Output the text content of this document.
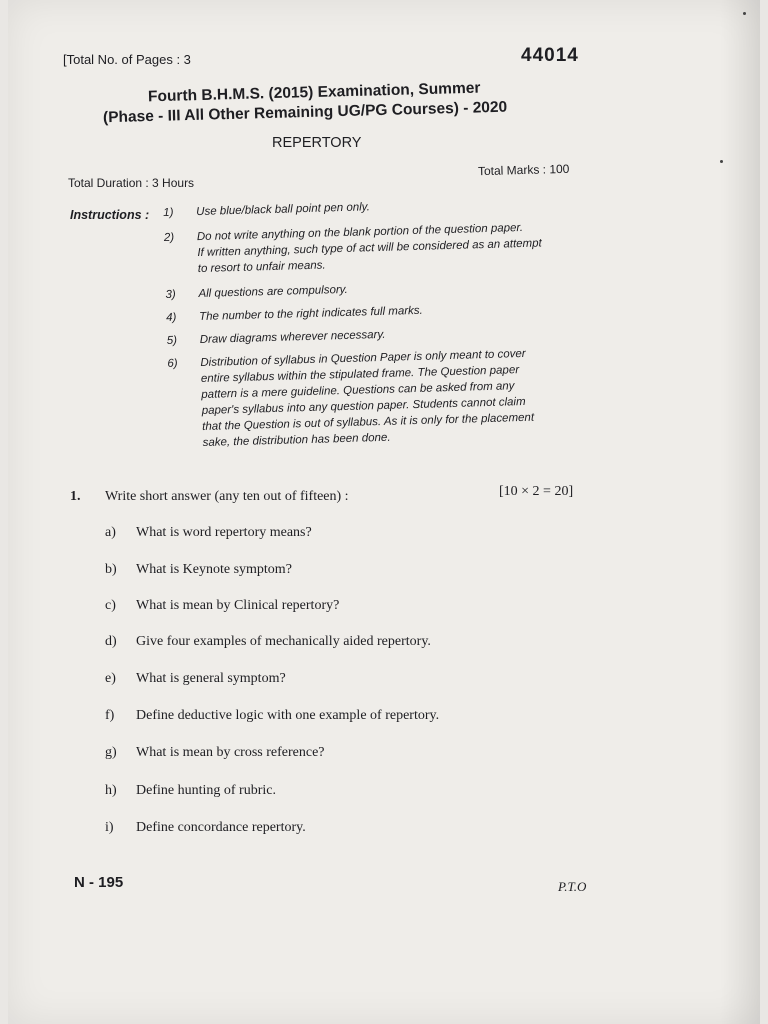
[Total No. of Pages : 3	44014
Fourth B.H.M.S. (2015) Examination, Summer
(Phase - III All Other Remaining UG/PG Courses) - 2020
REPERTORY
Total Duration : 3 Hours
Total Marks : 100
Instructions : 1)	Use blue/black ball point pen only.
2)	Do not write anything on the blank portion of the question paper.
If written anything, such type of act will be considered as an attempt
to resort to unfair means.
3)	All questions are compulsory.
4)	The number to the right indicates full marks.
5)	Draw diagrams wherever necessary.
6)	Distribution of syllabus in Question Paper is only meant to cover
entire syllabus within the stipulated frame. The Question paper
pattern is a mere guideline. Questions can be asked from any
paper's syllabus into any question paper. Students cannot claim
that the Question is out of syllabus. As it is only for the placement
sake, the distribution has been done.
1. Write short answer (any ten out of fifteen) :	[10 × 2 = 20]
a)	What is word repertory means?
b)	What is Keynote symptom?
c)	What is mean by Clinical repertory?
d)	Give four examples of mechanically aided repertory.
e)	What is general symptom?
f)	Define deductive logic with one example of repertory.
g)	What is mean by cross reference?
h)	Define hunting of rubric.
i)	Define concordance repertory.
N - 195	P.T.O
